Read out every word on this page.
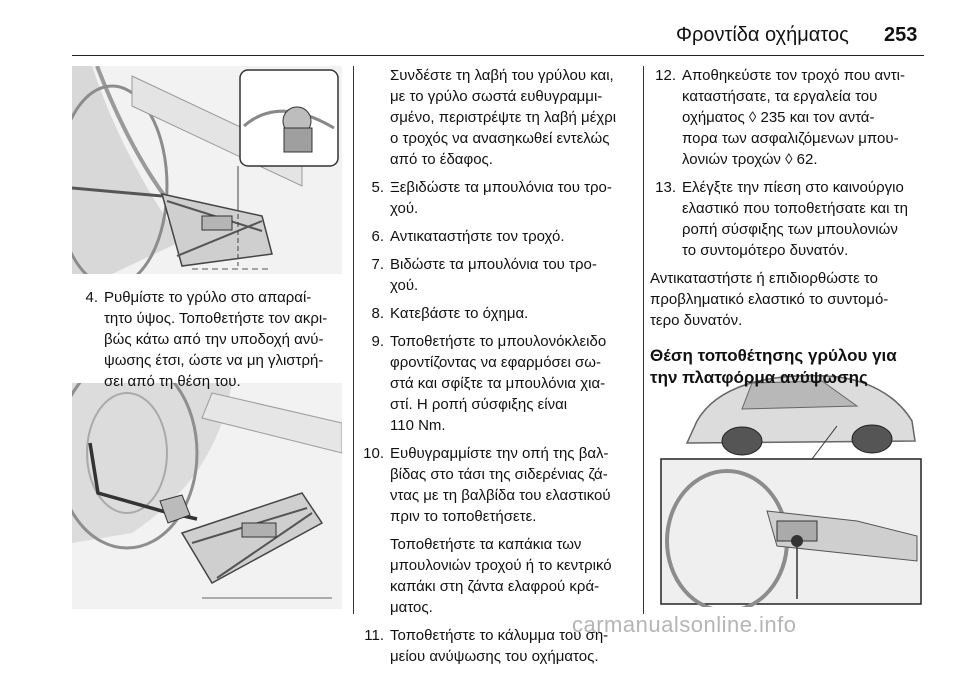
Φροντίδα οχήματος 253
4. Ρυθμίστε το γρύλο στο απαραί-
τητο ύψος. Τοποθετήστε τον ακρι-
βώς κάτω από την υποδοχή ανύ-
ψωσης έτσι, ώστε να μη γλιστρή-
σει από τη θέση του.

Συνδέστε τη λαβή του γρύλου και,
με το γρύλο σωστά ευθυγραμμι-
σμένο, περιστρέψτε τη λαβή μέχρι
ο τροχός να ανασηκωθεί εντελώς
από το έδαφος.

5. Ξεβιδώστε τα μπουλόνια του τρο-
χού.

6. Αντικαταστήστε τον τροχό.

7. Βιδώστε τα μπουλόνια του τρο-
χού.

8. Κατεβάστε το όχημα.

9. Τοποθετήστε το μπουλονόκλειδο
φροντίζοντας να εφαρμόσει σω-
στά και σφίξτε τα μπουλόνια χια-
στί. Η ροπή σύσφιξης είναι
110 Nm.

10. Ευθυγραμμίστε την οπή της βαλ-
βίδας στο τάσι της σιδερένιας ζά-
ντας με τη βαλβίδα του ελαστικού
πριν το τοποθετήσετε.

Τοποθετήστε τα καπάκια των
μπουλονιών τροχού ή το κεντρικό
καπάκι στη ζάντα ελαφρού κρά-
ματος.

11. Τοποθετήστε το κάλυμμα του ση-
μείου ανύψωσης του οχήματος.

12. Αποθηκεύστε τον τροχό που αντι-
καταστήσατε, τα εργαλεία του
οχήματος ◊ 235 και τον αντά-
πορα των ασφαλιζόμενων μπου-
λονιών τροχών ◊ 62.

13. Ελέγξτε την πίεση στο καινούργιο
ελαστικό που τοποθετήσατε και τη
ροπή σύσφιξης των μπουλονιών
το συντομότερο δυνατόν.

Αντικαταστήστε ή επιδιορθώστε το
προβληματικό ελαστικό το συντομό-
τερο δυνατόν.

Θέση τοποθέτησης γρύλου για
την πλατφόρμα ανύψωσης

carmanualsonline.info
